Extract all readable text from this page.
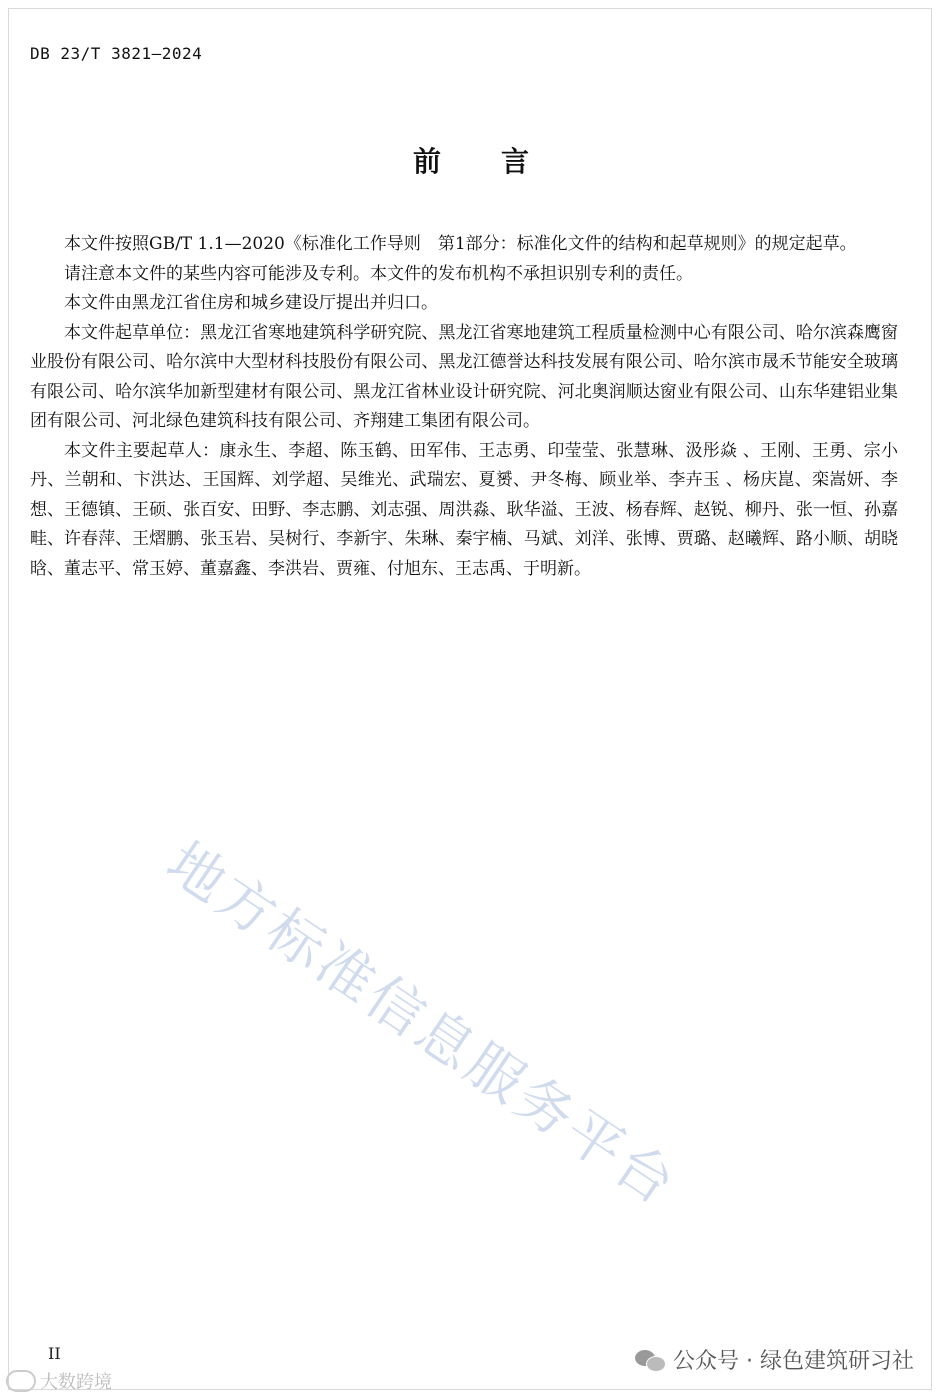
DB 23/T 3821—2024
前言

本文件按照GB/T 1.1—2020《标准化工作导则　第1部分：标准化文件的结构和起草规则》的规定起草。

请注意本文件的某些内容可能涉及专利。本文件的发布机构不承担识别专利的责任。

本文件由黑龙江省住房和城乡建设厅提出并归口。

本文件起草单位：黑龙江省寒地建筑科学研究院、黑龙江省寒地建筑工程质量检测中心有限公司、哈尔滨森鹰窗业股份有限公司、哈尔滨中大型材科技股份有限公司、黑龙江德誉达科技发展有限公司、哈尔滨市晟禾节能安全玻璃有限公司、哈尔滨华加新型建材有限公司、黑龙江省林业设计研究院、河北奥润顺达窗业有限公司、山东华建铝业集团有限公司、河北绿色建筑科技有限公司、齐翔建工集团有限公司。

本文件主要起草人：康永生、李超、陈玉鹤、田军伟、王志勇、印莹莹、张慧琳、汲彤焱 、王刚、王勇、宗小丹、兰朝和、卞洪达、王国辉、刘学超、吴维光、武瑞宏、夏赟、尹冬梅、顾业举、李卉玉 、杨庆崑、栾嵩妍、李想、王德镇、王硕、张百安、田野、李志鹏、刘志强、周洪淼、耿华溢、王波、杨春辉、赵锐、柳丹、张一恒、孙嘉畦、许春萍、王熠鹏、张玉岩、吴树行、李新宇、朱琳、秦宇楠、马斌、刘洋、张博、贾璐、赵曦辉、路小顺、胡晓晗、董志平、常玉婷、董嘉鑫、李洪岩、贾雍、付旭东、王志禹、于明新。

地方标准信息服务平台
II	公众号 · 绿色建筑研习社
大数跨境
